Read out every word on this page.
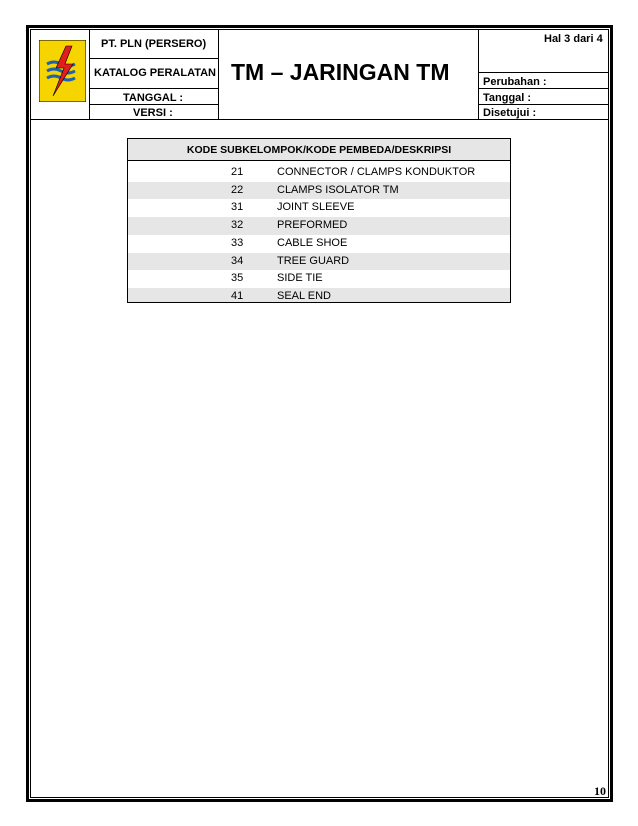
PT. PLN (PERSERO)
KATALOG PERALATAN
TANGGAL :
VERSI :
TM – JARINGAN TM
Hal 3 dari 4
Perubahan :
Tanggal :
Disetujui :
KODE SUBKELOMPOK/KODE PEMBEDA/DESKRIPSI
21	CONNECTOR / CLAMPS KONDUKTOR
22	CLAMPS ISOLATOR TM
31	JOINT SLEEVE
32	PREFORMED
33	CABLE SHOE
34	TREE GUARD
35	SIDE TIE
41	SEAL END
10
